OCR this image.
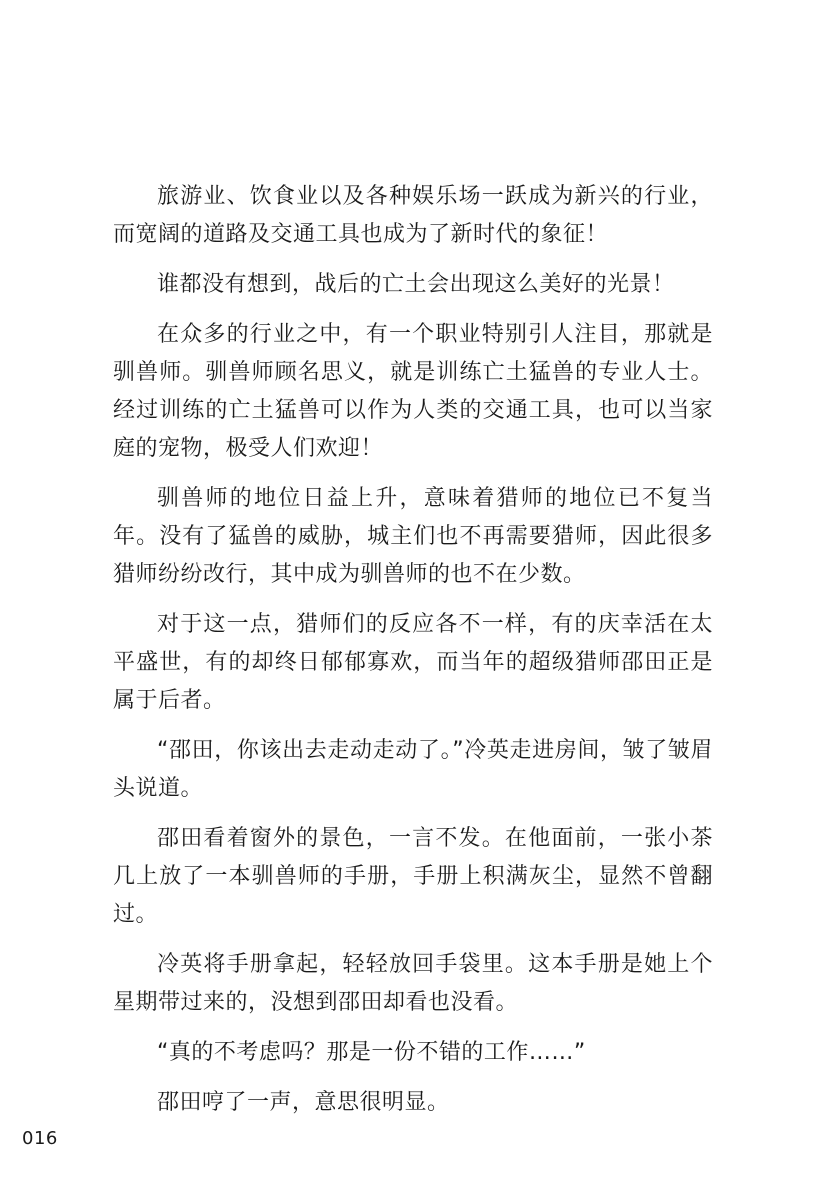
旅游业、饮食业以及各种娱乐场一跃成为新兴的行业，而宽阔的道路及交通工具也成为了新时代的象征！

谁都没有想到，战后的亡土会出现这么美好的光景！

在众多的行业之中，有一个职业特别引人注目，那就是驯兽师。驯兽师顾名思义，就是训练亡土猛兽的专业人士。经过训练的亡土猛兽可以作为人类的交通工具，也可以当家庭的宠物，极受人们欢迎！

驯兽师的地位日益上升，意味着猎师的地位已不复当年。没有了猛兽的威胁，城主们也不再需要猎师，因此很多猎师纷纷改行，其中成为驯兽师的也不在少数。

对于这一点，猎师们的反应各不一样，有的庆幸活在太平盛世，有的却终日郁郁寡欢，而当年的超级猎师邵田正是属于后者。

“邵田，你该出去走动走动了。”冷英走进房间，皱了皱眉头说道。

邵田看着窗外的景色，一言不发。在他面前，一张小茶几上放了一本驯兽师的手册，手册上积满灰尘，显然不曾翻过。

冷英将手册拿起，轻轻放回手袋里。这本手册是她上个星期带过来的，没想到邵田却看也没看。

“真的不考虑吗？那是一份不错的工作……”

邵田哼了一声，意思很明显。

016
